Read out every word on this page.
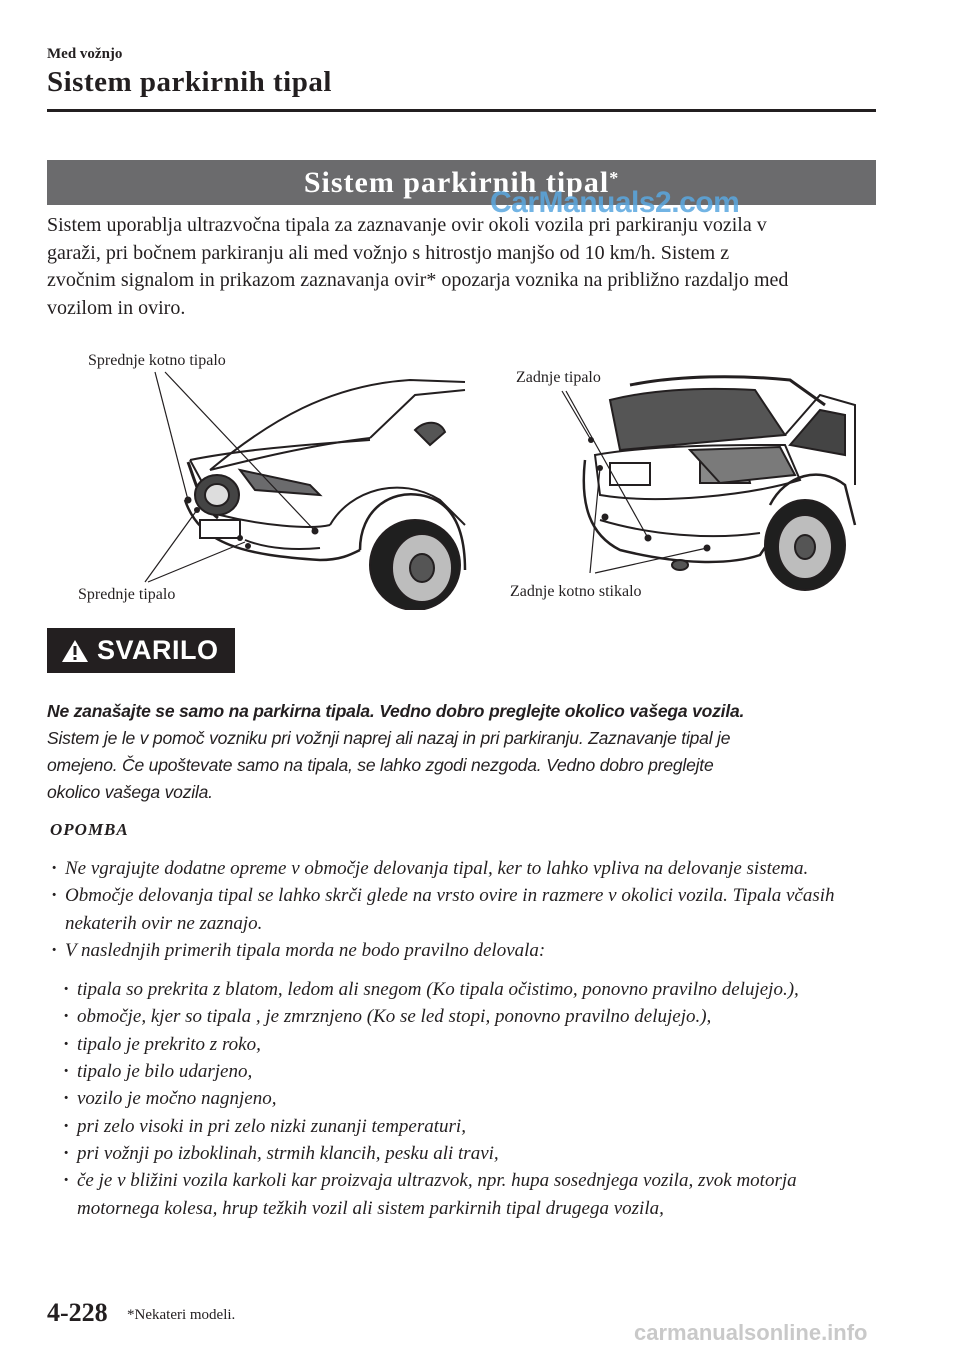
Med vožnjo
Sistem parkirnih tipal
Sistem parkirnih tipal*

Sistem uporablja ultrazvočna tipala za zaznavanje ovir okoli vozila pri parkiranju vozila v

garaži, pri bočnem parkiranju ali med vožnjo s hitrostjo manjšo od 10 km/h. Sistem z

zvočnim signalom in prikazom zaznavanja ovir* opozarja voznika na približno razdaljo med

vozilom in oviro.

CarManuals2.com
Sprednje kotno tipalo
Sprednje tipalo
Zadnje tipalo
Zadnje kotno stikalo
SVARILO

Ne zanašajte se samo na parkirna tipala. Vedno dobro preglejte okolico vašega vozila.

Sistem je le v pomoč vozniku pri vožnji naprej ali nazaj in pri parkiranju. Zaznavanje tipal je

omejeno. Če upoštevate samo na tipala, se lahko zgodi nezgoda. Vedno dobro preglejte

okolico vašega vozila.

OPOMBA
· Ne vgrajujte dodatne opreme v območje delovanja tipal, ker to lahko vpliva na delovanje sistema.
· Območje delovanja tipal se lahko skrči glede na vrsto ovire in razmere v okolici vozila. Tipala včasih nekaterih ovir ne zaznajo.
· V naslednjih primerih tipala morda ne bodo pravilno delovala:
· tipala so prekrita z blatom, ledom ali snegom (Ko tipala očistimo, ponovno pravilno delujejo.),
· območje, kjer so tipala , je zmrznjeno (Ko se led stopi, ponovno pravilno delujejo.),
· tipalo je prekrito z roko,
· tipalo je bilo udarjeno,
· vozilo je močno nagnjeno,
· pri zelo visoki in pri zelo nizki zunanji temperaturi,
· pri vožnji po izboklinah, strmih klancih, pesku ali travi,
· če je v bližini vozila karkoli kar proizvaja ultrazvok, npr. hupa sosednjega vozila, zvok motorja motornega kolesa, hrup težkih vozil ali sistem parkirnih tipal drugega vozila,
4-228 *Nekateri modeli.
carmanualsonline.info
